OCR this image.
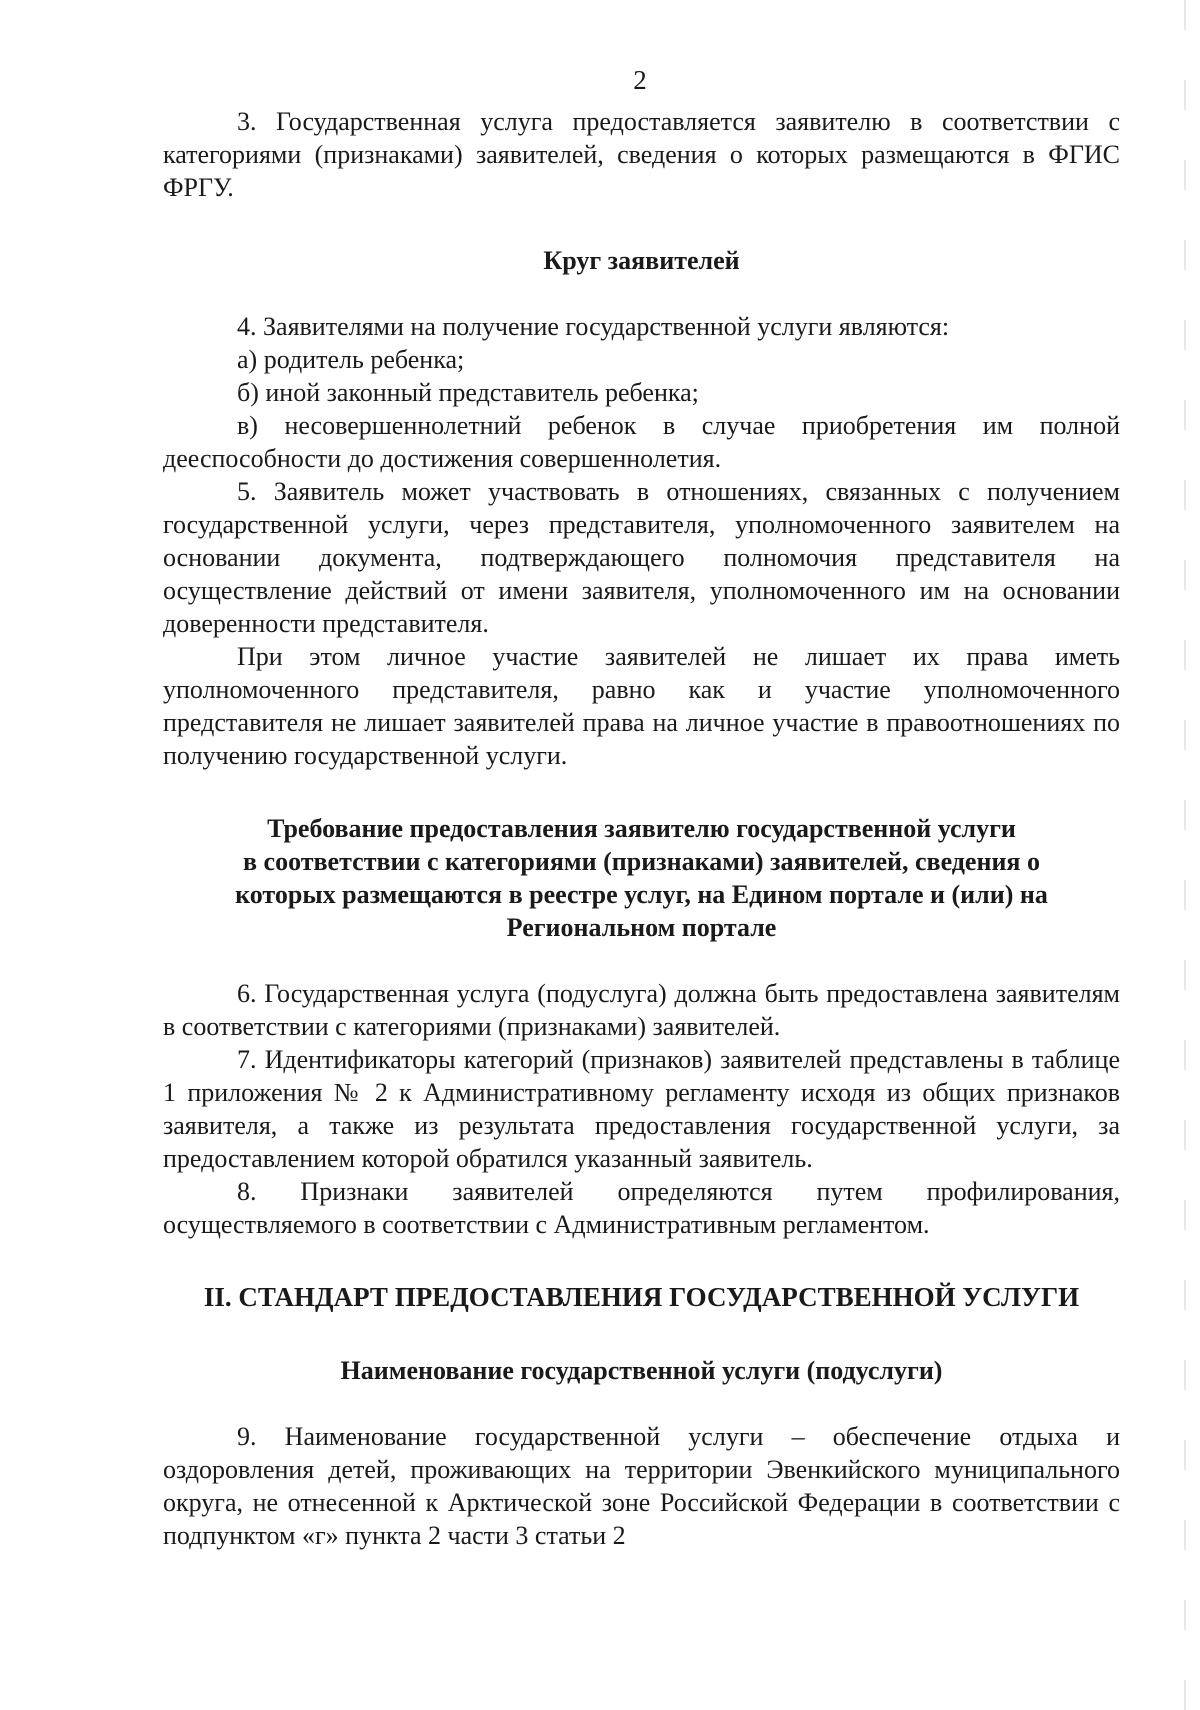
2

3. Государственная услуга предоставляется заявителю в соответствии с категориями (признаками) заявителей, сведения о которых размещаются в ФГИС ФРГУ.

Круг заявителей

4. Заявителями на получение государственной услуги являются:

а) родитель ребенка;

б) иной законный представитель ребенка;

в) несовершеннолетний ребенок в случае приобретения им полной дееспособности до достижения совершеннолетия.

5. Заявитель может участвовать в отношениях, связанных с получением государственной услуги, через представителя, уполномоченного заявителем на основании документа, подтверждающего полномочия представителя на осуществление действий от имени заявителя, уполномоченного им на основании доверенности представителя.

При этом личное участие заявителей не лишает их права иметь уполномоченного представителя, равно как и участие уполномоченного представителя не лишает заявителей права на личное участие в правоотношениях по получению государственной услуги.

Требование предоставления заявителю государственной услуги
в соответствии с категориями (признаками) заявителей, сведения о
которых размещаются в реестре услуг, на Едином портале и (или) на
Региональном портале

6. Государственная услуга (подуслуга) должна быть предоставлена заявителям в соответствии с категориями (признаками) заявителей.

7. Идентификаторы категорий (признаков) заявителей представлены в таблице 1 приложения № 2 к Административному регламенту исходя из общих признаков заявителя, а также из результата предоставления государственной услуги, за предоставлением которой обратился указанный заявитель.

8. Признаки заявителей определяются путем профилирования, осуществляемого в соответствии с Административным регламентом.

II. СТАНДАРТ ПРЕДОСТАВЛЕНИЯ ГОСУДАРСТВЕННОЙ УСЛУГИ
Наименование государственной услуги (подуслуги)

9. Наименование государственной услуги – обеспечение отдыха и оздоровления детей, проживающих на территории Эвенкийского муниципального округа, не отнесенной к Арктической зоне Российской Федерации в соответствии с подпунктом «г» пункта 2 части 3 статьи 2
